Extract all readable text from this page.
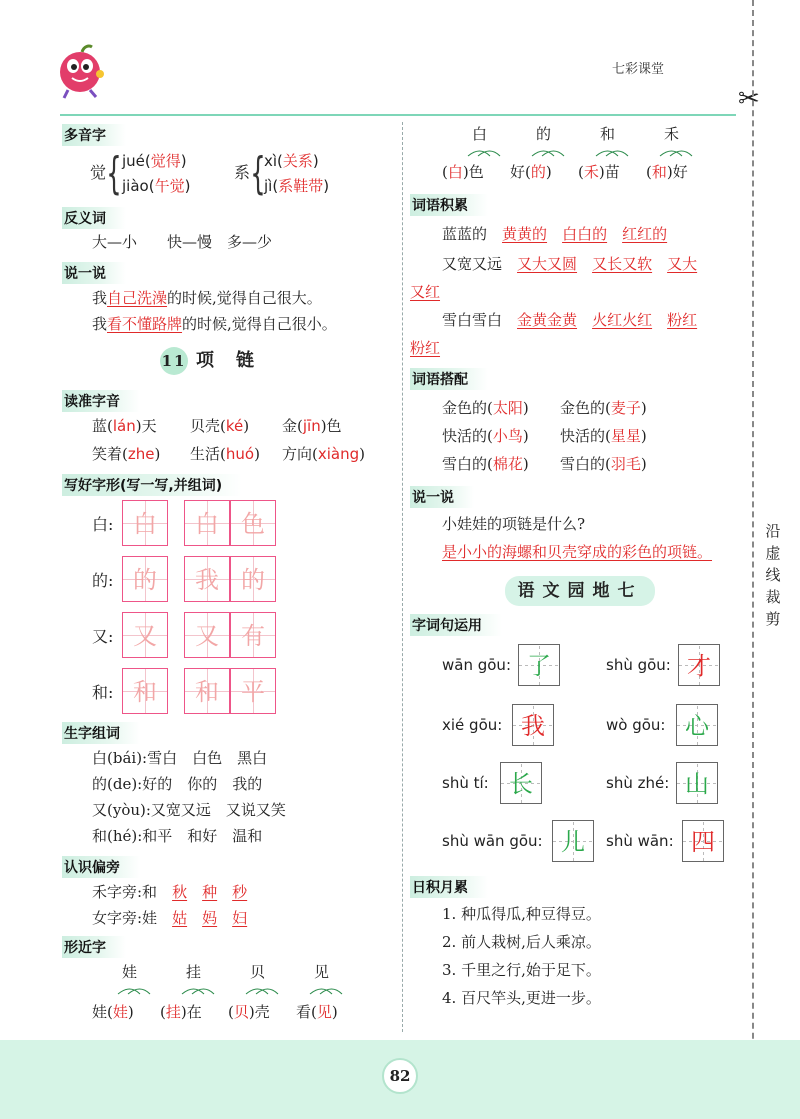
七彩课堂
✂
沿
虚
线
裁
剪
多音字
觉 { jué(觉得)
jiào(午觉)
系 {
xì(关系)
jì(系鞋带)
反义词
大—小　　快—慢　多—少
说一说
我自己洗澡的时候,觉得自己很大。
我看不懂路牌的时候,觉得自己很小。
11 项　链
读准字音
蓝(lán)天 贝壳(ké) 金(jīn)色
笑着(zhe) 生活(huó) 方向(xiàng)
写好字形(写一写,并组词)
白: 白	白 色
的: 的	我 的
又: 又	又 有
和: 和	和 平
生字组词
白(bái):雪白　白色　黑白
的(de):好的　你的　我的
又(yòu):又宽又远　又说又笑
和(hé):和平　和好　温和
认识偏旁
禾字旁:和　 秋　 种　 秒
女字旁:娃　 姑　 妈　 妇
形近字
娃	挂	贝	见
娃(娃) (挂)在 (贝)壳 看(见)
白	的	和	禾
(白)色 好(的) (禾)苗 (和)好
词语积累
蓝蓝的　 黄黄的　 白白的　 红红的
又宽又远　 又大又圆　 又长又软　 又大
又红
雪白雪白　 金黄金黄　 火红火红　 粉红
粉红
词语搭配
金色的(太阳) 金色的(麦子)
快活的(小鸟) 快活的(星星)
雪白的(棉花) 雪白的(羽毛)
说一说
小娃娃的项链是什么?
是小小的海螺和贝壳穿成的彩色的项链。
语文园地七
字词句运用
wān gōu: 了	shù gōu: 才
xié gōu: 我	wò gōu: 心
shù tí: 长	shù zhé: 山
shù wān gōu: 儿	shù wān: 四
日积月累
1. 种瓜得瓜,种豆得豆。
2. 前人栽树,后人乘凉。
3. 千里之行,始于足下。
4. 百尺竿头,更进一步。
82
